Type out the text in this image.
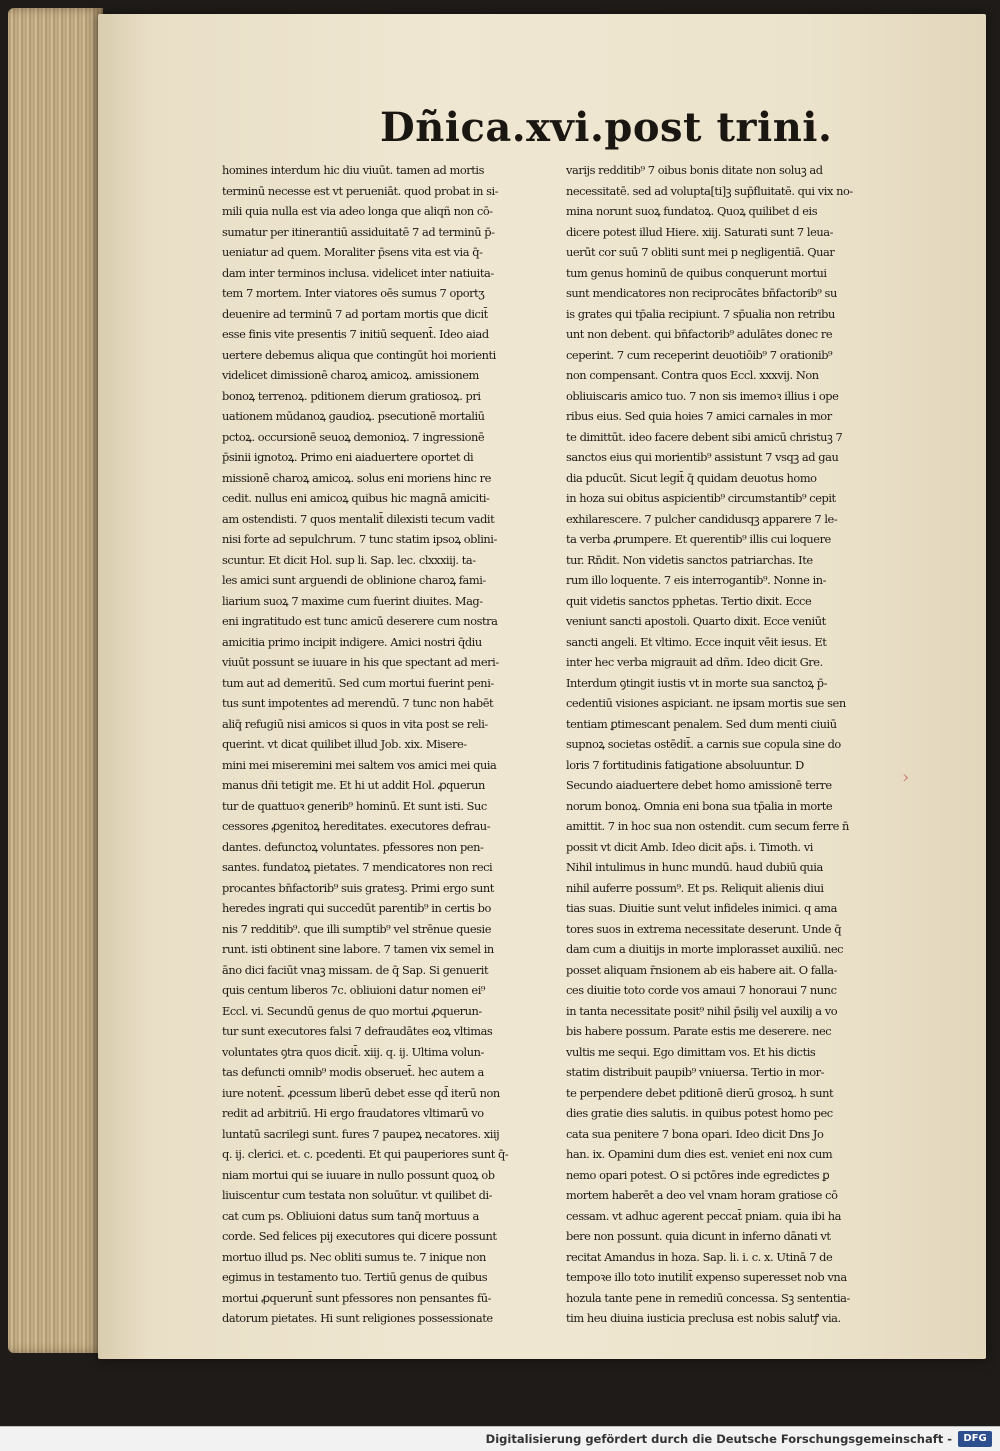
Dñica.xvi.post trini.
homines interdum hic diu viuūt. tamen ad mortis
terminū necesse est vt perueniāt. quod probat in si-
mili quia nulla est via adeo longa que aliqñ non cō-
sumatur per itinerantiū assiduitatē 7 ad terminū p̄-
ueniatur ad quem. Moraliter p̄sens vita est via q̄-
dam inter terminos inclusa. videlicet inter natiuita-
tem 7 mortem. Inter viatores oēs sumus 7 oportʒ
deuenire ad terminū 7 ad portam mortis que dicit̄
esse finis vite presentis 7 initiū sequent̄. Ideo aiad
uertere debemus aliqua que contingūt hoi morienti
videlicet dimissionē charoꝝ amicoꝝ. amissionem
bonoꝝ terrenoꝝ. pditionem dierum gratiosoꝝ. pri
uationem mūdanoꝝ gaudioꝝ. psecutionē mortaliū
pctoꝝ. occursionē seuoꝝ demonioꝝ. 7 ingressionē
p̄sinii ignotoꝝ. Primo eni aiaduertere oportet di
missionē charoꝝ amicoꝝ. solus eni moriens hinc re
cedit. nullus eni amicoꝝ quibus hic magnā amiciti-
am ostendisti. 7 quos mentalit̄ dilexisti tecum vadit
nisi forte ad sepulchrum. 7 tunc statim ipsoꝝ oblini-
scuntur. Et dicit Hol. sup li. Sap. lec. clxxxiij. ta-
les amici sunt arguendi de oblinione charoꝝ fami-
liarium suoꝝ 7 maxime cum fuerint diuites. Mag-
eni ingratitudo est tunc amicū deserere cum nostra
amicitia primo incipit indigere. Amici nostri q̄diu
viuūt possunt se iuuare in his que spectant ad meri-
tum aut ad demeritū. Sed cum mortui fuerint peni-
tus sunt impotentes ad merendū. 7 tunc non habēt
aliq̄ refugiū nisi amicos si quos in vita post se reli-
querint. vt dicat quilibet illud Job. xix. Misere-
mini mei miseremini mei saltem vos amici mei quia
manus dñi tetigit me. Et hi ut addit Hol. ꝓquerun
tur de quattuoꝛ generib⁹ hominū. Et sunt isti. Suc
cessores ꝓgenitoꝝ hereditates. executores defrau-
dantes. defunctoꝝ voluntates. pfessores non pen-
santes. fundatoꝝ pietates. 7 mendicatores non reci
procantes bn̄factorib⁹ suis gratesꝫ. Primi ergo sunt
heredes ingrati qui succedūt parentib⁹ in certis bo
nis 7 redditib⁹. que illi sumptib⁹ vel strēnue quesie
runt. isti obtinent sine labore. 7 tamen vix semel in
āno dici faciūt vnaꝫ missam. de q̄ Sap. Si genuerit
quis centum liberos 7c. obliuioni datur nomen ei⁹
Eccl. vi. Secundū genus de quo mortui ꝓquerun-
tur sunt executores falsi 7 defraudātes eoꝝ vltimas
voluntates ꝯtra quos dicit̄. xiij. q. ij. Ultima volun-
tas defuncti omnib⁹ modis obseruet̄. hec autem a
iure notent̄. ꝓcessum liberū debet esse qd̄ iterū non
redit ad arbitriū. Hi ergo fraudatores vltimarū vo
luntatū sacrilegi sunt. fures 7 paupeꝝ necatores. xiij
q. ij. clerici. et. c. pcedenti. Et qui pauperiores sunt q̄-
niam mortui qui se iuuare in nullo possunt quoꝝ ob
liuiscentur cum testata non soluūtur. vt quilibet di-
cat cum ps. Obliuioni datus sum tanq̄ mortuus a
corde. Sed felices pij executores qui dicere possunt
mortuo illud ps. Nec obliti sumus te. 7 inique non
egimus in testamento tuo. Tertiū genus de quibus
mortui ꝓquerunt̄ sunt pfessores non pensantes fū-
datorum pietates. Hi sunt religiones possessionate
varijs redditib⁹ 7 oibus bonis ditate non soluꝫ ad
necessitatē. sed ad volupta[ti]ꝫ sup̄fluitatē. qui vix no-
mina norunt suoꝝ fundatoꝝ. Quoꝝ quilibet d eis
dicere potest illud Hiere. xiij. Saturati sunt 7 leua-
uerūt cor suū 7 obliti sunt mei p negligentiā. Quar
tum genus hominū de quibus conquerunt mortui
sunt mendicatores non reciprocātes bn̄factorib⁹ su
is grates qui tp̄alia recipiunt. 7 sp̄ualia non retribu
unt non debent. qui bn̄factorib⁹ adulātes donec re
ceperint. 7 cum receperint deuotiōib⁹ 7 orationib⁹
non compensant. Contra quos Eccl. xxxvij. Non
obliuiscaris amico tuo. 7 non sis imemoꝛ illius i ope
ribus eius. Sed quia hoies 7 amici carnales in mor
te dimittūt. ideo facere debent sibi amicū christuꝫ 7
sanctos eius qui morientib⁹ assistunt 7 vsqꝫ ad gau
dia pducūt. Sicut legit̄ q̄ quidam deuotus homo
in hoza sui obitus aspicientib⁹ circumstantib⁹ cepit
exhilarescere. 7 pulcher candidusqꝫ apparere 7 le-
ta verba ꝓrumpere. Et querentib⁹ illis cui loquere
tur. Rn̄dit. Non videtis sanctos patriarchas. Ite
rum illo loquente. 7 eis interrogantib⁹. Nonne in-
quit videtis sanctos pphetas. Tertio dixit. Ecce
veniunt sancti apostoli. Quarto dixit. Ecce veniūt
sancti angeli. Et vltimo. Ecce inquit vēit iesus. Et
inter hec verba migrauit ad dñm. Ideo dicit Gre.
Interdum ꝯtingit iustis vt in morte sua sanctoꝝ p̄-
cedentiū visiones aspiciant. ne ipsam mortis sue sen
tentiam ꝑtimescant penalem. Sed dum menti ciuiū
supnoꝝ societas ostēdit̄. a carnis sue copula sine do
loris 7 fortitudinis fatigatione absoluuntur. D
Secundo aiaduertere debet homo amissionē terre
norum bonoꝝ. Omnia eni bona sua tp̄alia in morte
amittit. 7 in hoc sua non ostendit. cum secum ferre n̄
possit vt dicit Amb. Ideo dicit ap̄s. i. Timoth. vi
Nihil intulimus in hunc mundū. haud dubiū quia
nihil auferre possum⁹. Et ps. Reliquit alienis diui
tias suas. Diuitie sunt velut infideles inimici. q ama
tores suos in extrema necessitate deserunt. Unde q̄
dam cum a diuitijs in morte implorasset auxiliū. nec
posset aliquam r̄nsionem ab eis habere ait. O falla-
ces diuitie toto corde vos amaui 7 honoraui 7 nunc
in tanta necessitate posit⁹ nihil p̄siliȷ vel auxiliȷ a vo
bis habere possum. Parate estis me deserere. nec
vultis me sequi. Ego dimittam vos. Et his dictis
statim distribuit paupib⁹ vniuersa. Tertio in mor-
te perpendere debet pditionē dierū grosoꝝ. h sunt
dies gratie dies salutis. in quibus potest homo pec
cata sua penitere 7 bona opari. Ideo dicit Dns Jo
han. ix. Opamini dum dies est. veniet eni nox cum
nemo opari potest. O si pctōres inde egredictes ꝑ
mortem haberēt a deo vel vnam horam gratiose cō
cessam. vt adhuc agerent peccat̄ pniam. quia ibi ha
bere non possunt. quia dicunt in inferno dānati vt
recitat Amandus in hoza. Sap. li. i. c. x. Utinā 7 de
tempoꝛe illo toto inutilit̄ expenso superesset nob vna
hozula tante pene in remediū concessa. Sꝫ sententia-
tim heu diuina iusticia preclusa est nobis salutꝭ via.
›
Digitalisierung gefördert durch die Deutsche Forschungsgemeinschaft -	DFG
